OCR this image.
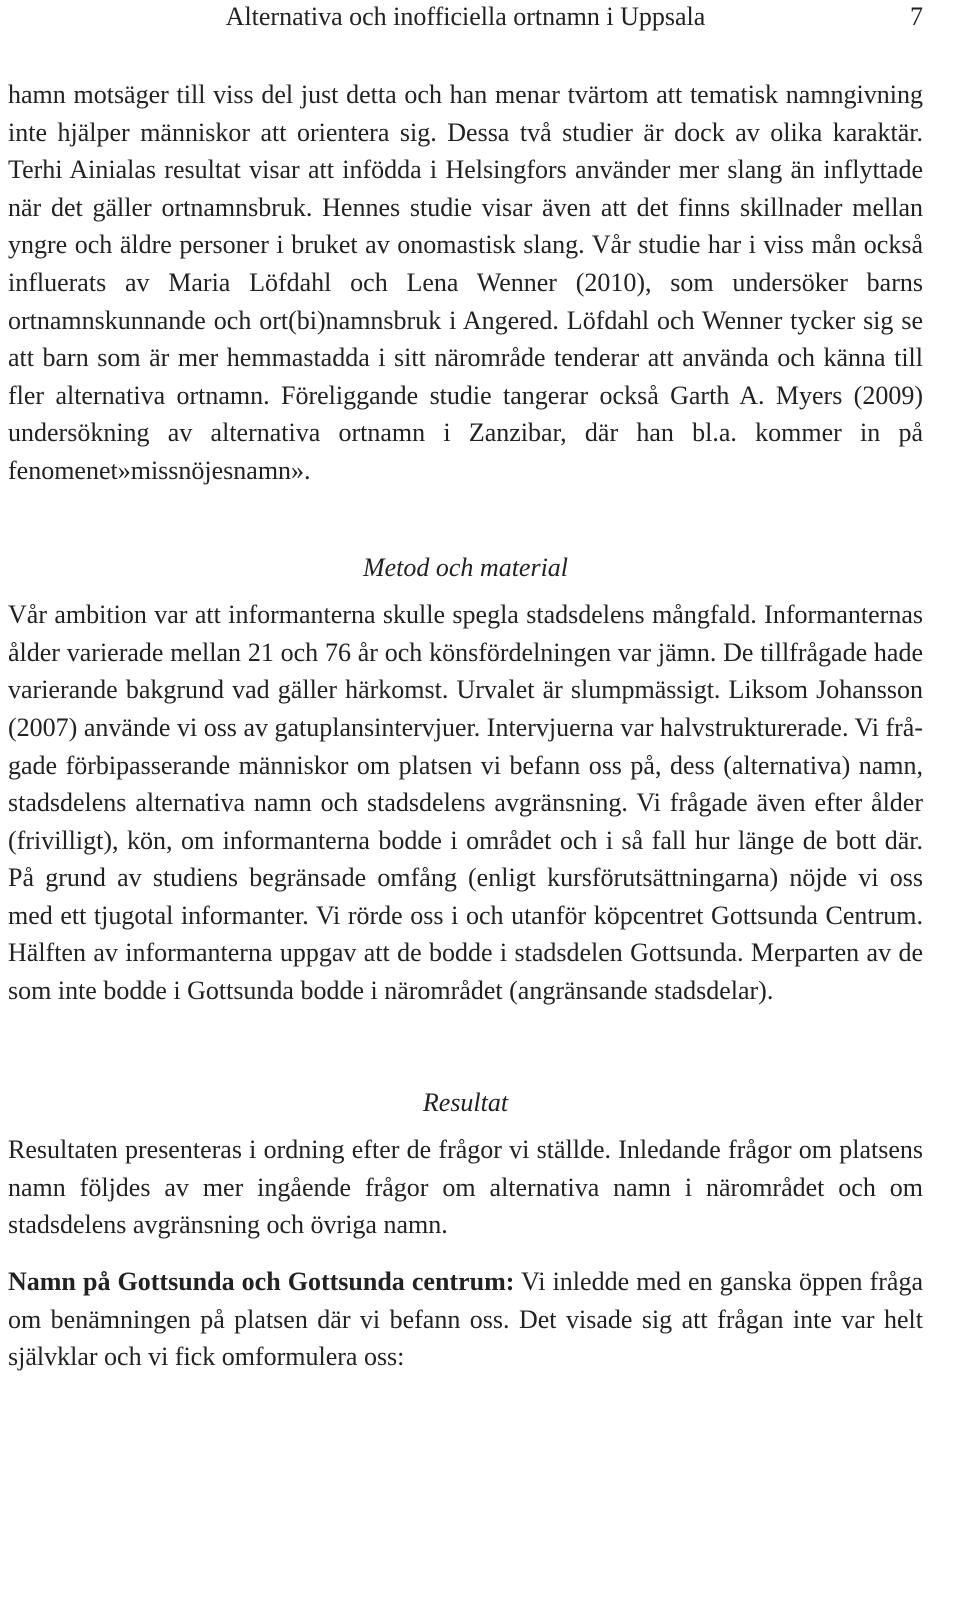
Alternativa och inofficiella ortnamn i Uppsala	7

hamn motsäger till viss del just detta och han menar tvärtom att tematisk namngivning inte hjälper människor att orientera sig. Dessa två studier är dock av olika karaktär. Terhi Ainialas resultat visar att infödda i Helsingfors använder mer slang än inflyttade när det gäller ortnamnsbruk. Hennes studie visar även att det finns skillnader mellan yngre och äldre personer i bruket av onomastisk slang. Vår studie har i viss mån också influerats av Maria Löfdahl och Lena Wenner (2010), som undersöker barns ortnamnskunnande och ort(bi)namnsbruk i Angered. Löfdahl och Wenner tycker sig se att barn som är mer hemmastadda i sitt närområde tenderar att använda och känna till fler alternativa ortnamn. Föreliggande studie tangerar också Garth A. Myers (2009) undersökning av alternativa ortnamn i Zanzibar, där han bl.a. kommer in på fenomenet»missnöjesnamn».

Metod och material

Vår ambition var att informanterna skulle spegla stadsdelens mångfald. Informanternas ålder varierade mellan 21 och 76 år och könsfördelningen var jämn. De tillfrågade hade varierande bakgrund vad gäller härkomst. Urvalet är slumpmässigt. Liksom Johansson (2007) använde vi oss av gatuplansintervjuer. Intervjuerna var halvstrukturerade. Vi frågade förbipasserande människor om platsen vi befann oss på, dess (alternativa) namn, stadsdelens alternativa namn och stadsdelens avgränsning. Vi frågade även efter ålder (frivilligt), kön, om informanterna bodde i området och i så fall hur länge de bott där. På grund av studiens begränsade omfång (enligt kursförutsättningarna) nöjde vi oss med ett tjugotal informanter. Vi rörde oss i och utanför köpcentret Gottsunda Centrum. Hälften av informanterna uppgav att de bodde i stadsdelen Gottsunda. Merparten av de som inte bodde i Gottsunda bodde i närområdet (angränsande stadsdelar).

Resultat

Resultaten presenteras i ordning efter de frågor vi ställde. Inledande frågor om platsens namn följdes av mer ingående frågor om alternativa namn i närområdet och om stadsdelens avgränsning och övriga namn.

Namn på Gottsunda och Gottsunda centrum: Vi inledde med en ganska öppen fråga om benämningen på platsen där vi befann oss. Det visade sig att frågan inte var helt självklar och vi fick omformulera oss:
